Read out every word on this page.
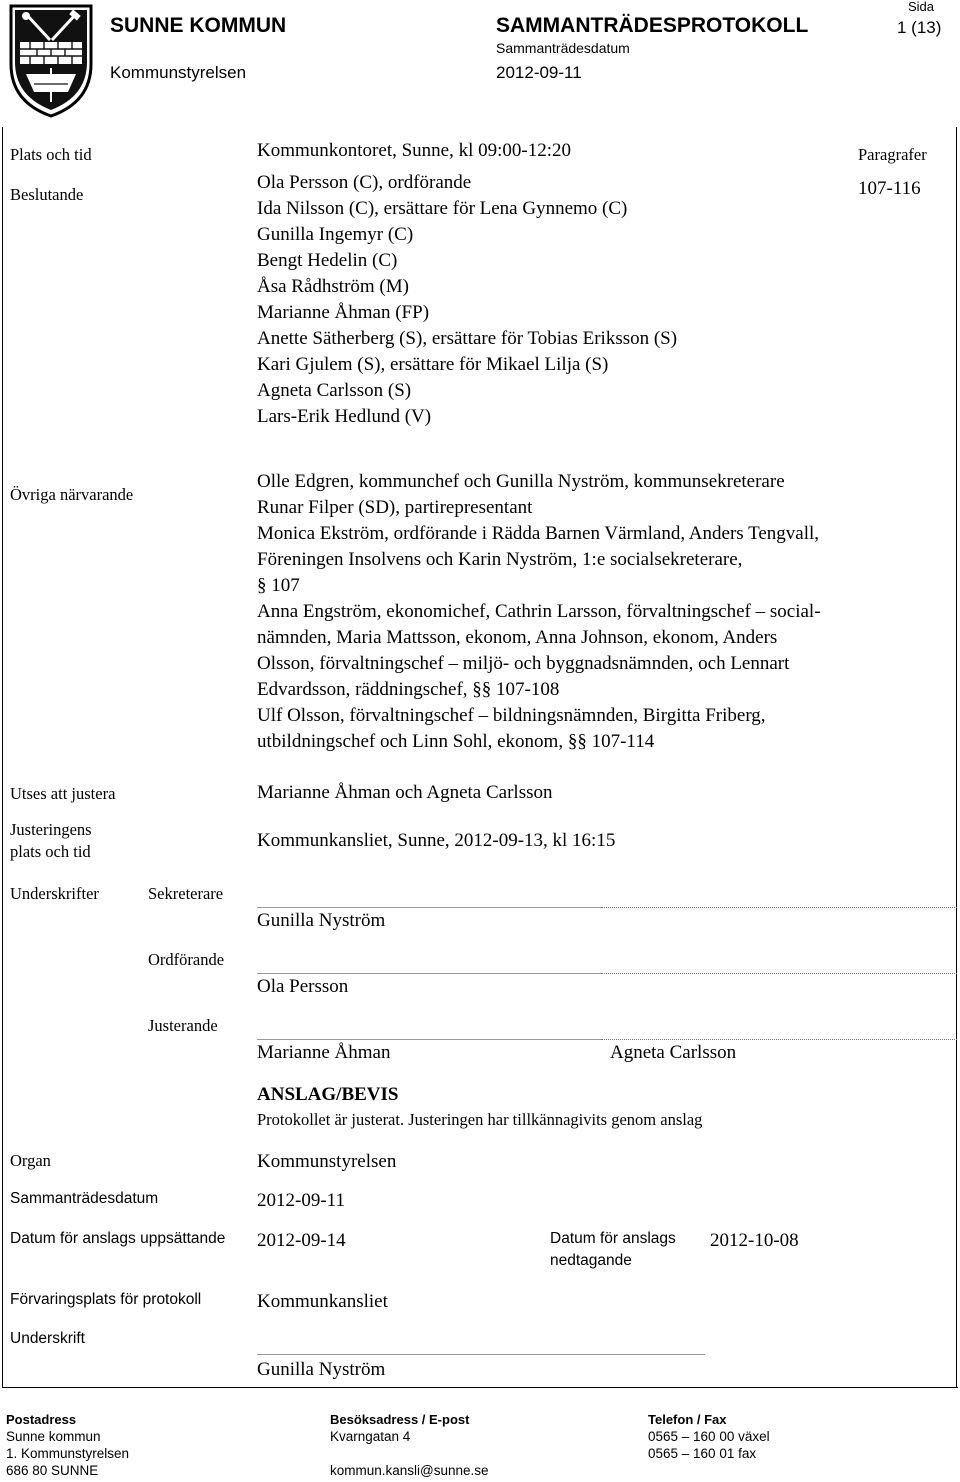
SUNNE KOMMUN
Kommunstyrelsen
SAMMANTRÄDESPROTOKOLL
Sammanträdesdatum
2012-09-11
Sida
1 (13)
Plats och tid	Kommunkontoret, Sunne, kl 09:00-12:20	Paragrafer
107-116
Beslutande
Ola Persson (C), ordförande
Ida Nilsson (C), ersättare för Lena Gynnemo (C)
Gunilla Ingemyr (C)
Bengt Hedelin (C)
Åsa Rådhström (M)
Marianne Åhman (FP)
Anette Sätherberg (S), ersättare för Tobias Eriksson (S)
Kari Gjulem (S), ersättare för Mikael Lilja (S)
Agneta Carlsson (S)
Lars-Erik Hedlund (V)
Övriga närvarande
Olle Edgren, kommunchef och Gunilla Nyström, kommunsekreterare
Runar Filper (SD), partirepresentant
Monica Ekström, ordförande i Rädda Barnen Värmland, Anders Tengvall,
Föreningen Insolvens och Karin Nyström, 1:e socialsekreterare,
§ 107
Anna Engström, ekonomichef, Cathrin Larsson, förvaltningschef – social-
nämnden, Maria Mattsson, ekonom, Anna Johnson, ekonom, Anders
Olsson, förvaltningschef – miljö- och byggnadsnämnden, och Lennart
Edvardsson, räddningschef, §§ 107-108
Ulf Olsson, förvaltningschef – bildningsnämnden, Birgitta Friberg,
utbildningschef och Linn Sohl, ekonom, §§ 107-114
Utses att justera	Marianne Åhman och Agneta Carlsson
Justeringens
plats och tid
Kommunkansliet, Sunne, 2012-09-13, kl 16:15
Underskrifter	Sekreterare
Gunilla Nyström
Ordförande
Ola Persson
Justerande
Marianne Åhman	Agneta Carlsson
ANSLAG/BEVIS
Protokollet är justerat. Justeringen har tillkännagivits genom anslag
Organ	Kommunstyrelsen
Sammanträdesdatum	2012-09-11
Datum för anslags uppsättande 2012-09-14	Datum för anslags
nedtagande
2012-10-08
Förvaringsplats för protokoll	Kommunkansliet
Underskrift
Gunilla Nyström
Postadress
Sunne kommun
1. Kommunstyrelsen
686 80 SUNNE
Besöksadress / E-post
Kvarngatan 4
kommun.kansli@sunne.se
Telefon / Fax
0565 – 160 00 växel
0565 – 160 01 fax
